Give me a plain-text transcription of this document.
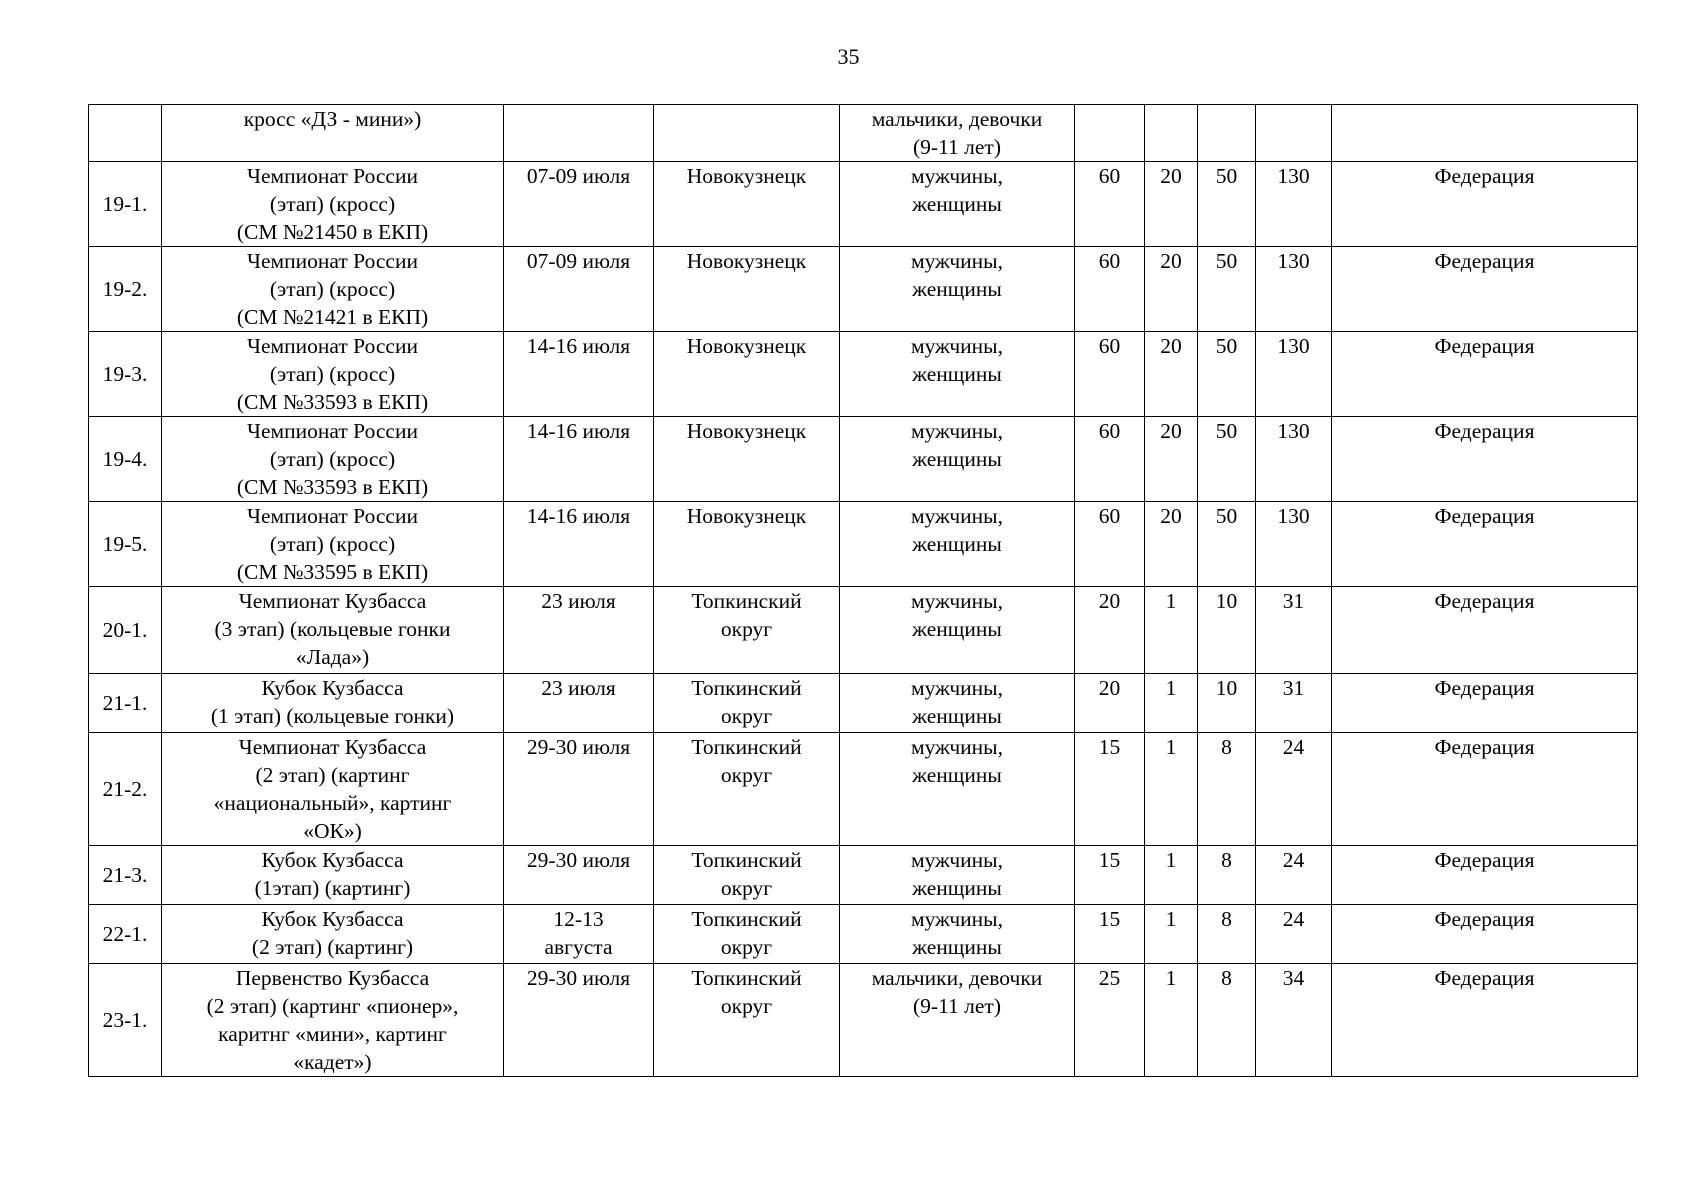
35

	кросс «ДЗ - мини»)			мальчики, девочки
(9-11 лет)					

19-1.	Чемпионат России
(этап) (кросс)
(СМ №21450 в ЕКП)	07-09 июля	Новокузнецк	мужчины,
женщины	60	20	50	130	Федерация
19-2.	Чемпионат России
(этап) (кросс)
(СМ №21421 в ЕКП)	07-09 июля	Новокузнецк	мужчины,
женщины	60	20	50	130	Федерация
19-3.	Чемпионат России
(этап) (кросс)
(СМ №33593 в ЕКП)	14-16 июля	Новокузнецк	мужчины,
женщины	60	20	50	130	Федерация
19-4.	Чемпионат России
(этап) (кросс)
(СМ №33593 в ЕКП)	14-16 июля	Новокузнецк	мужчины,
женщины	60	20	50	130	Федерация
19-5.	Чемпионат России
(этап) (кросс)
(СМ №33595 в ЕКП)	14-16 июля	Новокузнецк	мужчины,
женщины	60	20	50	130	Федерация
20-1.	Чемпионат Кузбасса
(3 этап) (кольцевые гонки
«Лада»)	23 июля	Топкинский
округ	мужчины,
женщины	20	1	10	31	Федерация
21-1.	Кубок Кузбасса
(1 этап) (кольцевые гонки)	23 июля	Топкинский
округ	мужчины,
женщины	20	1	10	31	Федерация
21-2.	Чемпионат Кузбасса
(2 этап) (картинг
«национальный», картинг
«ОК»)	29-30 июля	Топкинский
округ	мужчины,
женщины	15	1	8	24	Федерация
21-3.	Кубок Кузбасса
(1этап) (картинг)	29-30 июля	Топкинский
округ	мужчины,
женщины	15	1	8	24	Федерация
22-1.	Кубок Кузбасса
(2 этап) (картинг)	12-13
августа	Топкинский
округ	мужчины,
женщины	15	1	8	24	Федерация
23-1.	Первенство Кузбасса
(2 этап) (картинг «пионер»,
каритнг «мини», картинг
«кадет»)	29-30 июля	Топкинский
округ	мальчики, девочки
(9-11 лет)	25	1	8	34	Федерация
